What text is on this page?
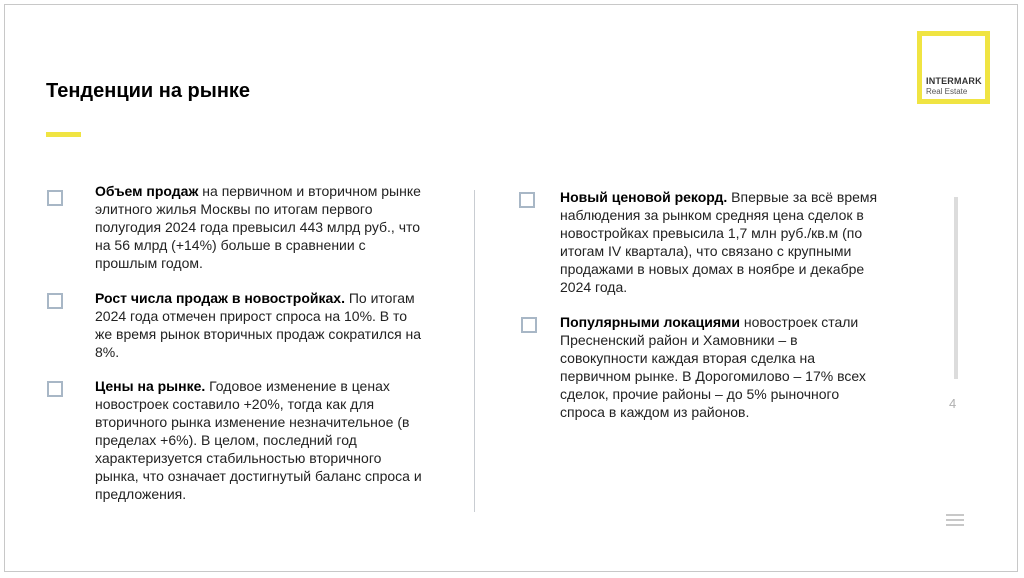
Тенденции на рынке	INTERMARK
Real Estate
Объем продаж на первичном и вторичном рынке элитного жилья Москвы по итогам первого полугодия 2024 года превысил 443 млрд руб., что на 56 млрд (+14%) больше в сравнении с прошлым годом.
Рост числа продаж в новостройках. По итогам 2024 года отмечен прирост спроса на 10%. В то же время рынок вторичных продаж сократился на 8%.
Цены на рынке. Годовое изменение в ценах новостроек составило +20%, тогда как для вторичного рынка изменение незначительное (в пределах +6%). В целом, последний год характеризуется стабильностью вторичного рынка, что означает достигнутый баланс спроса и предложения.
Новый ценовой рекорд. Впервые за всё время наблюдения за рынком средняя цена сделок в новостройках превысила 1,7 млн руб./кв.м (по итогам IV квартала), что связано с крупными продажами в новых домах в ноябре и декабре 2024 года.
Популярными локациями новостроек стали Пресненский район и Хамовники – в совокупности каждая вторая сделка на первичном рынке. В Дорогомилово – 17% всех сделок, прочие районы – до 5% рыночного спроса в каждом из районов.
4
